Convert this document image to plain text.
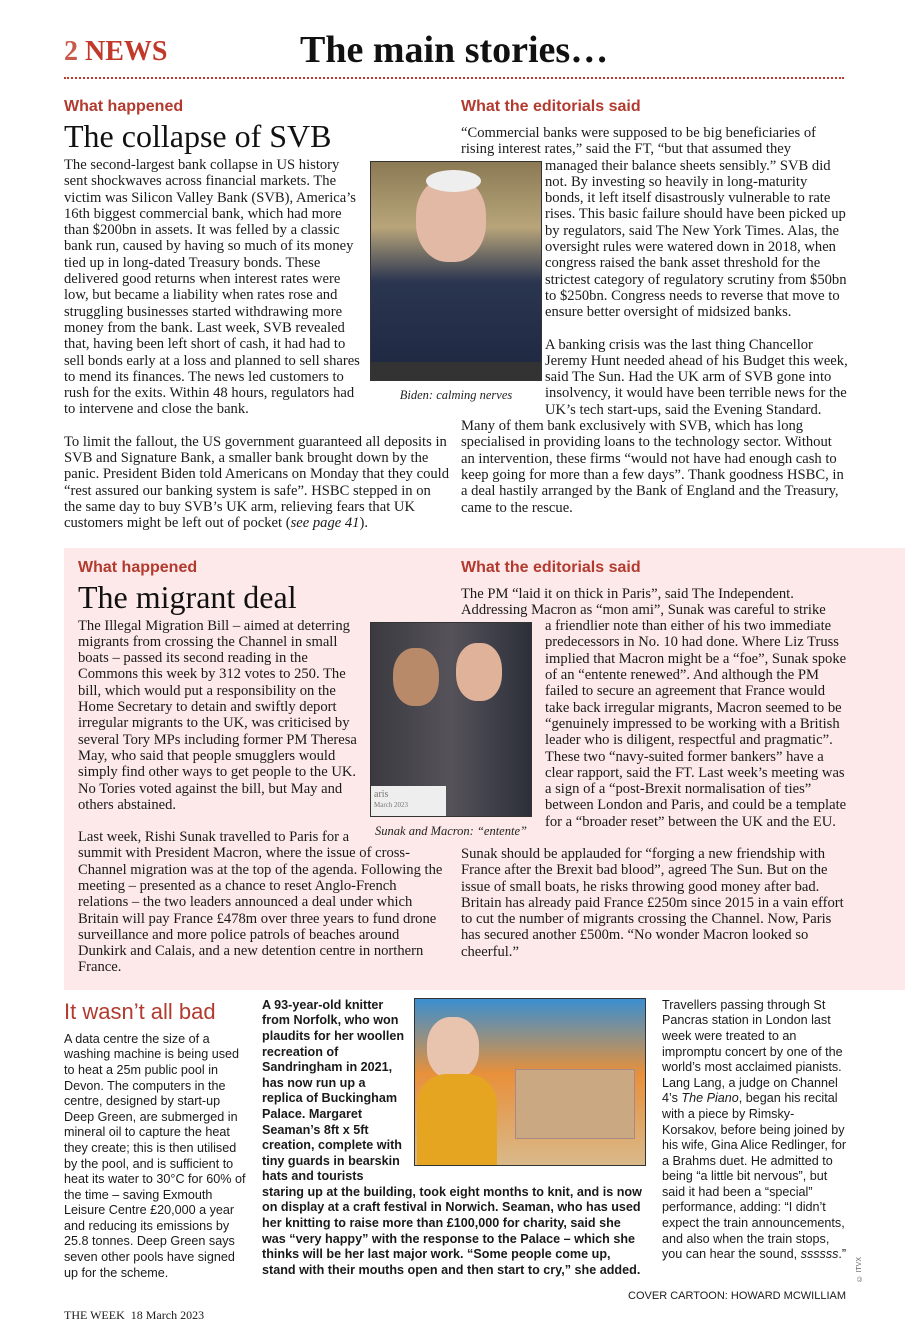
2 NEWS	The main stories…
What happened
The collapse of SVB
Biden: calming nerves
The second-largest bank collapse in US history sent shockwaves across financial markets. The victim was Silicon Valley Bank (SVB), America’s 16th biggest commercial bank, which had more than $200bn in assets. It was felled by a classic bank run, caused by having so much of its money tied up in long-dated Treasury bonds. These delivered good returns when interest rates were low, but became a liability when rates rose and struggling businesses started withdrawing more money from the bank. Last week, SVB revealed that, having been left short of cash, it had had to sell bonds early at a loss and planned to sell shares to mend its finances. The news led customers to rush for the exits. Within 48 hours, regulators had to intervene and close the bank.
To limit the fallout, the US government guaranteed all deposits in SVB and Signature Bank, a smaller bank brought down by the panic. President Biden told Americans on Monday that they could “rest assured our banking system is safe”. HSBC stepped in on the same day to buy SVB’s UK arm, relieving fears that UK customers might be left out of pocket (see page 41).
What the editorials said
“Commercial banks were supposed to be big beneficiaries of rising interest rates,” said the FT, “but that assumed they
managed their balance sheets sensibly.” SVB did not. By investing so heavily in long-maturity bonds, it left itself disastrously vulnerable to rate rises. This basic failure should have been picked up by regulators, said The New York Times. Alas, the oversight rules were watered down in 2018, when congress raised the bank asset threshold for the strictest category of regulatory scrutiny from $50bn to $250bn. Congress needs to reverse that move to ensure better oversight of midsized banks.
A banking crisis was the last thing Chancellor Jeremy Hunt needed ahead of his Budget this week, said The Sun. Had the UK arm of SVB gone into insolvency, it would have been terrible news for the UK’s tech start-ups, said the Evening Standard. Many of them bank exclusively with SVB, which has long specialised in providing loans to the technology sector. Without an intervention, these firms “would not have had enough cash to keep going for more than a few days”. Thank goodness HSBC, in a deal hastily arranged by the Bank of England and the Treasury, came to the rescue.
What happened
The migrant deal
aris
March 2023
Sunak and Macron: “entente”
The Illegal Migration Bill – aimed at deterring migrants from crossing the Channel in small boats – passed its second reading in the Commons this week by 312 votes to 250. The bill, which would put a responsibility on the Home Secretary to detain and swiftly deport irregular migrants to the UK, was criticised by several Tory MPs including former PM Theresa May, who said that people smugglers would simply find other ways to get people to the UK. No Tories voted against the bill, but May and others abstained.
Last week, Rishi Sunak travelled to Paris for a summit with President Macron, where the issue of cross-Channel migration was at the top of the agenda. Following the meeting – presented as a chance to reset Anglo-French relations – the two leaders announced a deal under which Britain will pay France £478m over three years to fund drone surveillance and more police patrols of beaches around Dunkirk and Calais, and a new detention centre in northern France.
What the editorials said
The PM “laid it on thick in Paris”, said The Independent. Addressing Macron as “mon ami”, Sunak was careful to strike
a friendlier note than either of his two immediate predecessors in No. 10 had done. Where Liz Truss implied that Macron might be a “foe”, Sunak spoke of an “entente renewed”. And although the PM failed to secure an agreement that France would take back irregular migrants, Macron seemed to be “genuinely impressed to be working with a British leader who is diligent, respectful and pragmatic”. These two “navy-suited former bankers” have a clear rapport, said the FT. Last week’s meeting was a sign of a “post-Brexit normalisation of ties” between London and Paris, and could be a template for a “broader reset” between the UK and the EU.
Sunak should be applauded for “forging a new friendship with France after the Brexit bad blood”, agreed The Sun. But on the issue of small boats, he risks throwing good money after bad. Britain has already paid France £250m since 2015 in a vain effort to cut the number of migrants crossing the Channel. Now, Paris has secured another £500m. “No wonder Macron looked so cheerful.”
It wasn’t all bad
A data centre the size of a washing machine is being used to heat a 25m public pool in Devon. The computers in the centre, designed by start-up Deep Green, are submerged in mineral oil to capture the heat they create; this is then utilised by the pool, and is sufficient to heat its water to 30°C for 60% of the time – saving Exmouth Leisure Centre £20,000 a year and reducing its emissions by 25.8 tonnes. Deep Green says seven other pools have signed up for the scheme.
A 93-year-old knitter from Norfolk, who won plaudits for her woollen recreation of Sandringham in 2021, has now run up a replica of Buckingham Palace. Margaret Seaman’s 8ft x 5ft creation, complete with tiny guards in bearskin hats and tourists staring up at the building, took eight months to knit, and is now on display at a craft festival in Norwich. Seaman, who has used her knitting to raise more than £100,000 for charity, said she was “very happy” with the response to the Palace – which she thinks will be her last major work. “Some people come up, stand with their mouths open and then start to cry,” she added.
Travellers passing through St Pancras station in London last week were treated to an impromptu concert by one of the world’s most acclaimed pianists. Lang Lang, a judge on Channel 4’s The Piano, began his recital with a piece by Rimsky-Korsakov, before being joined by his wife, Gina Alice Redlinger, for a Brahms duet. He admitted to being “a little bit nervous”, but said it had been a “special” performance, adding: “I didn’t expect the train announcements, and also when the train stops, you can hear the sound, ssssss.”
© ITVX
COVER CARTOON: HOWARD MCWILLIAM
THE WEEK 18 March 2023
